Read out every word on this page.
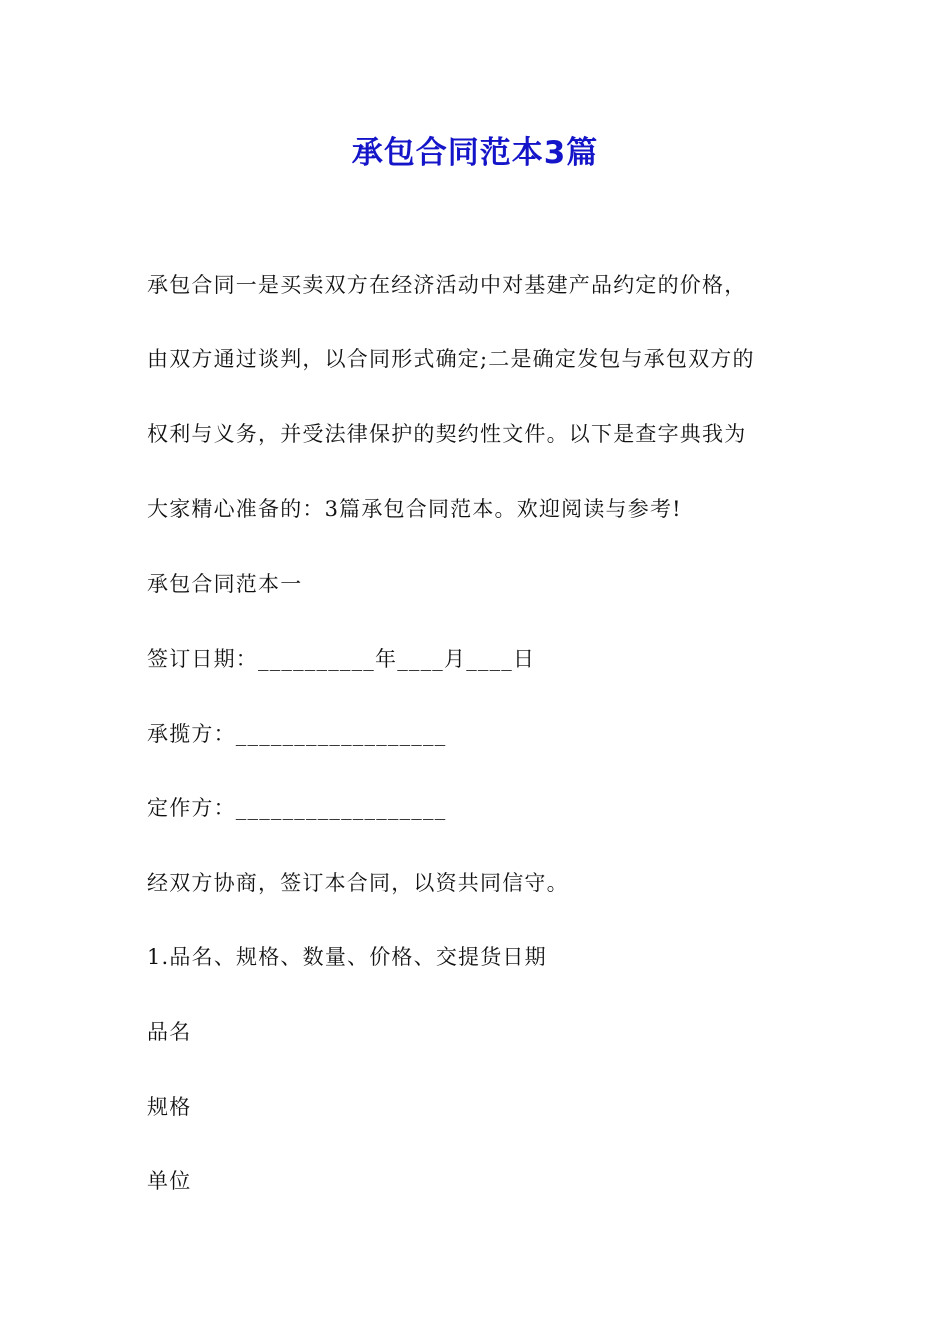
承包合同范本3篇
承包合同一是买卖双方在经济活动中对基建产品约定的价格，
由双方通过谈判，以合同形式确定;二是确定发包与承包双方的
权利与义务，并受法律保护的契约性文件。以下是查字典我为
大家精心准备的：3篇承包合同范本。欢迎阅读与参考!
承包合同范本一
签订日期：__________年____月____日
承揽方：__________________
定作方：__________________
经双方协商，签订本合同，以资共同信守。
1.品名、规格、数量、价格、交提货日期
品名
规格
单位
